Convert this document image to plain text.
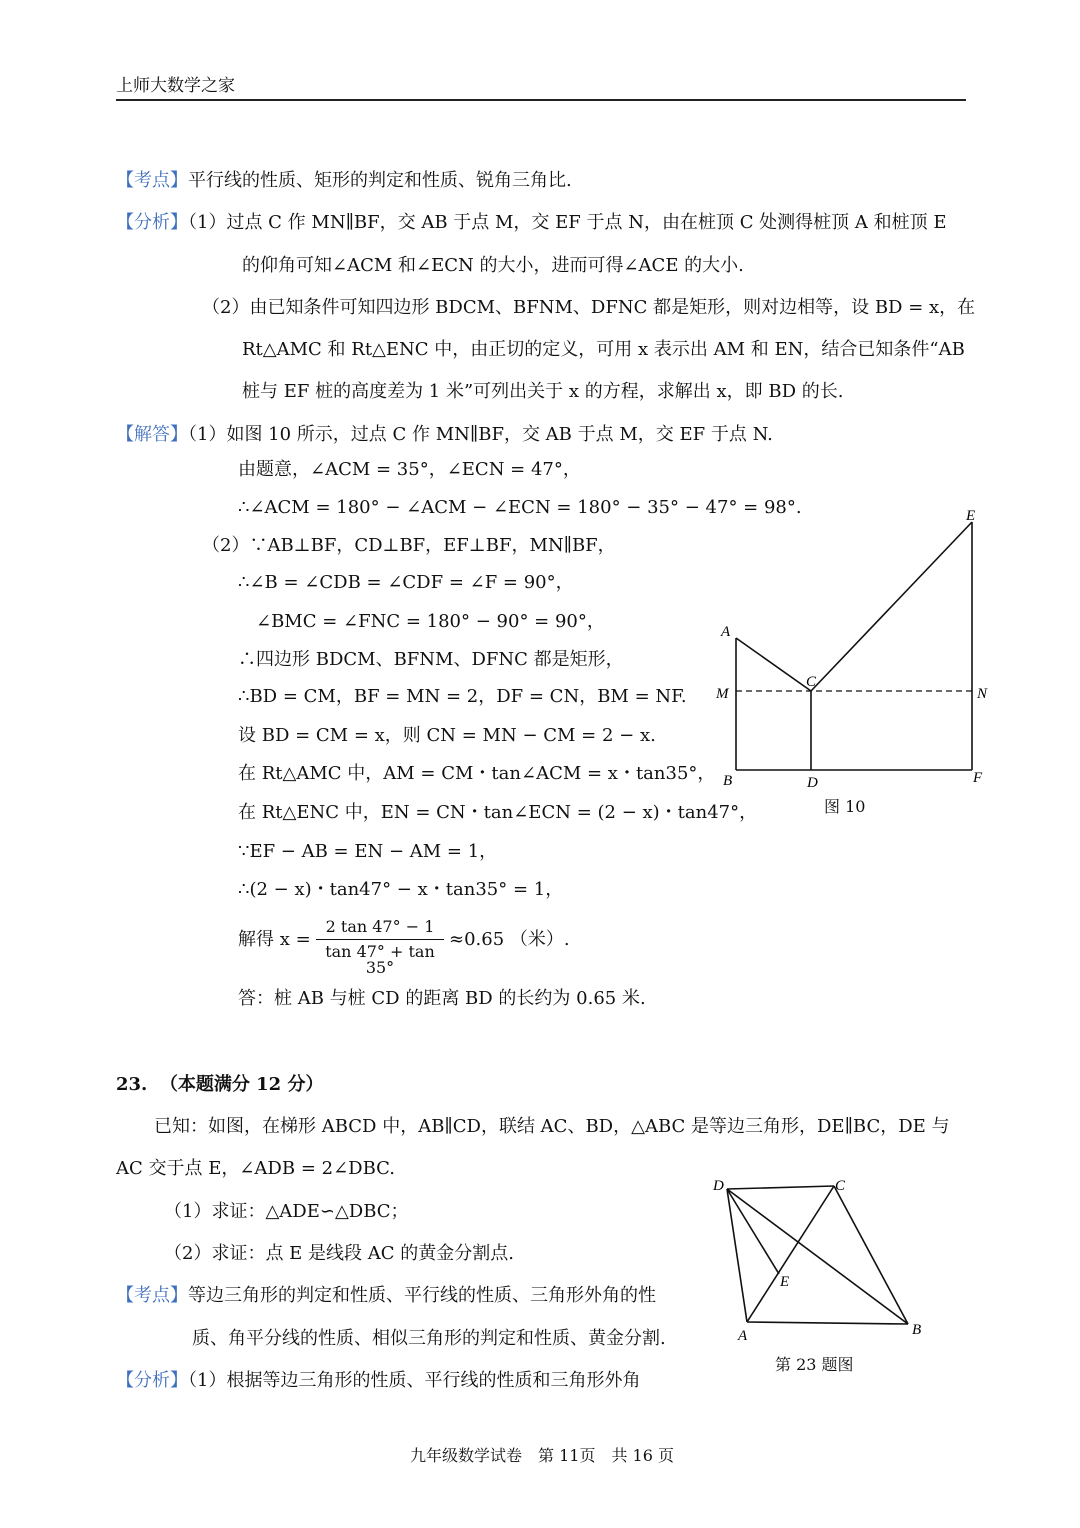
上师大数学之家
【考点】平行线的性质、矩形的判定和性质、锐角三角比.
【分析】（1）过点 C 作 MN∥BF，交 AB 于点 M，交 EF 于点 N，由在桩顶 C 处测得桩顶 A 和桩顶 E
的仰角可知∠ACM 和∠ECN 的大小，进而可得∠ACE 的大小.
（2）由已知条件可知四边形 BDCM、BFNM、DFNC 都是矩形，则对边相等，设 BD = x，在
Rt△AMC 和 Rt△ENC 中，由正切的定义，可用 x 表示出 AM 和 EN，结合已知条件“AB
桩与 EF 桩的高度差为 1 米”可列出关于 x 的方程，求解出 x，即 BD 的长.
【解答】（1）如图 10 所示，过点 C 作 MN∥BF，交 AB 于点 M，交 EF 于点 N.
由题意，∠ACM = 35°，∠ECN = 47°，
∴∠ACM = 180° − ∠ACM − ∠ECN = 180° − 35° − 47° = 98°.
（2）∵AB⊥BF，CD⊥BF，EF⊥BF，MN∥BF，
∴∠B = ∠CDB = ∠CDF = ∠F = 90°，
∠BMC = ∠FNC = 180° − 90° = 90°，
∴四边形 BDCM、BFNM、DFNC 都是矩形，
∴BD = CM，BF = MN = 2，DF = CN，BM = NF.
设 BD = CM = x，则 CN = MN − CM = 2 − x.
在 Rt△AMC 中，AM = CM・tan∠ACM = x・tan35°，
在 Rt△ENC 中，EN = CN・tan∠ECN = (2 − x)・tan47°，
∵EF − AB = EN − AM = 1，
∴(2 − x)・tan47° − x・tan35° = 1，
解得 x =
2 tan 47° − 1
tan 47° + tan 35°
≈0.65 （米）.
答：桩 AB 与桩 CD 的距离 BD 的长约为 0.65 米.
E
A
C
M	N
B	D	F
图 10
23. （本题满分 12 分）
已知：如图，在梯形 ABCD 中，AB∥CD，联结 AC、BD，△ABC 是等边三角形，DE∥BC，DE 与
AC 交于点 E，∠ADB = 2∠DBC.
（1）求证：△ADE∽△DBC；
（2）求证：点 E 是线段 AC 的黄金分割点.
【考点】等边三角形的判定和性质、平行线的性质、三角形外角的性
质、角平分线的性质、相似三角形的判定和性质、黄金分割.
【分析】（1）根据等边三角形的性质、平行线的性质和三角形外角
D	C
E
A	B
第 23 题图
九年级数学试卷　第 11页　共 16 页
